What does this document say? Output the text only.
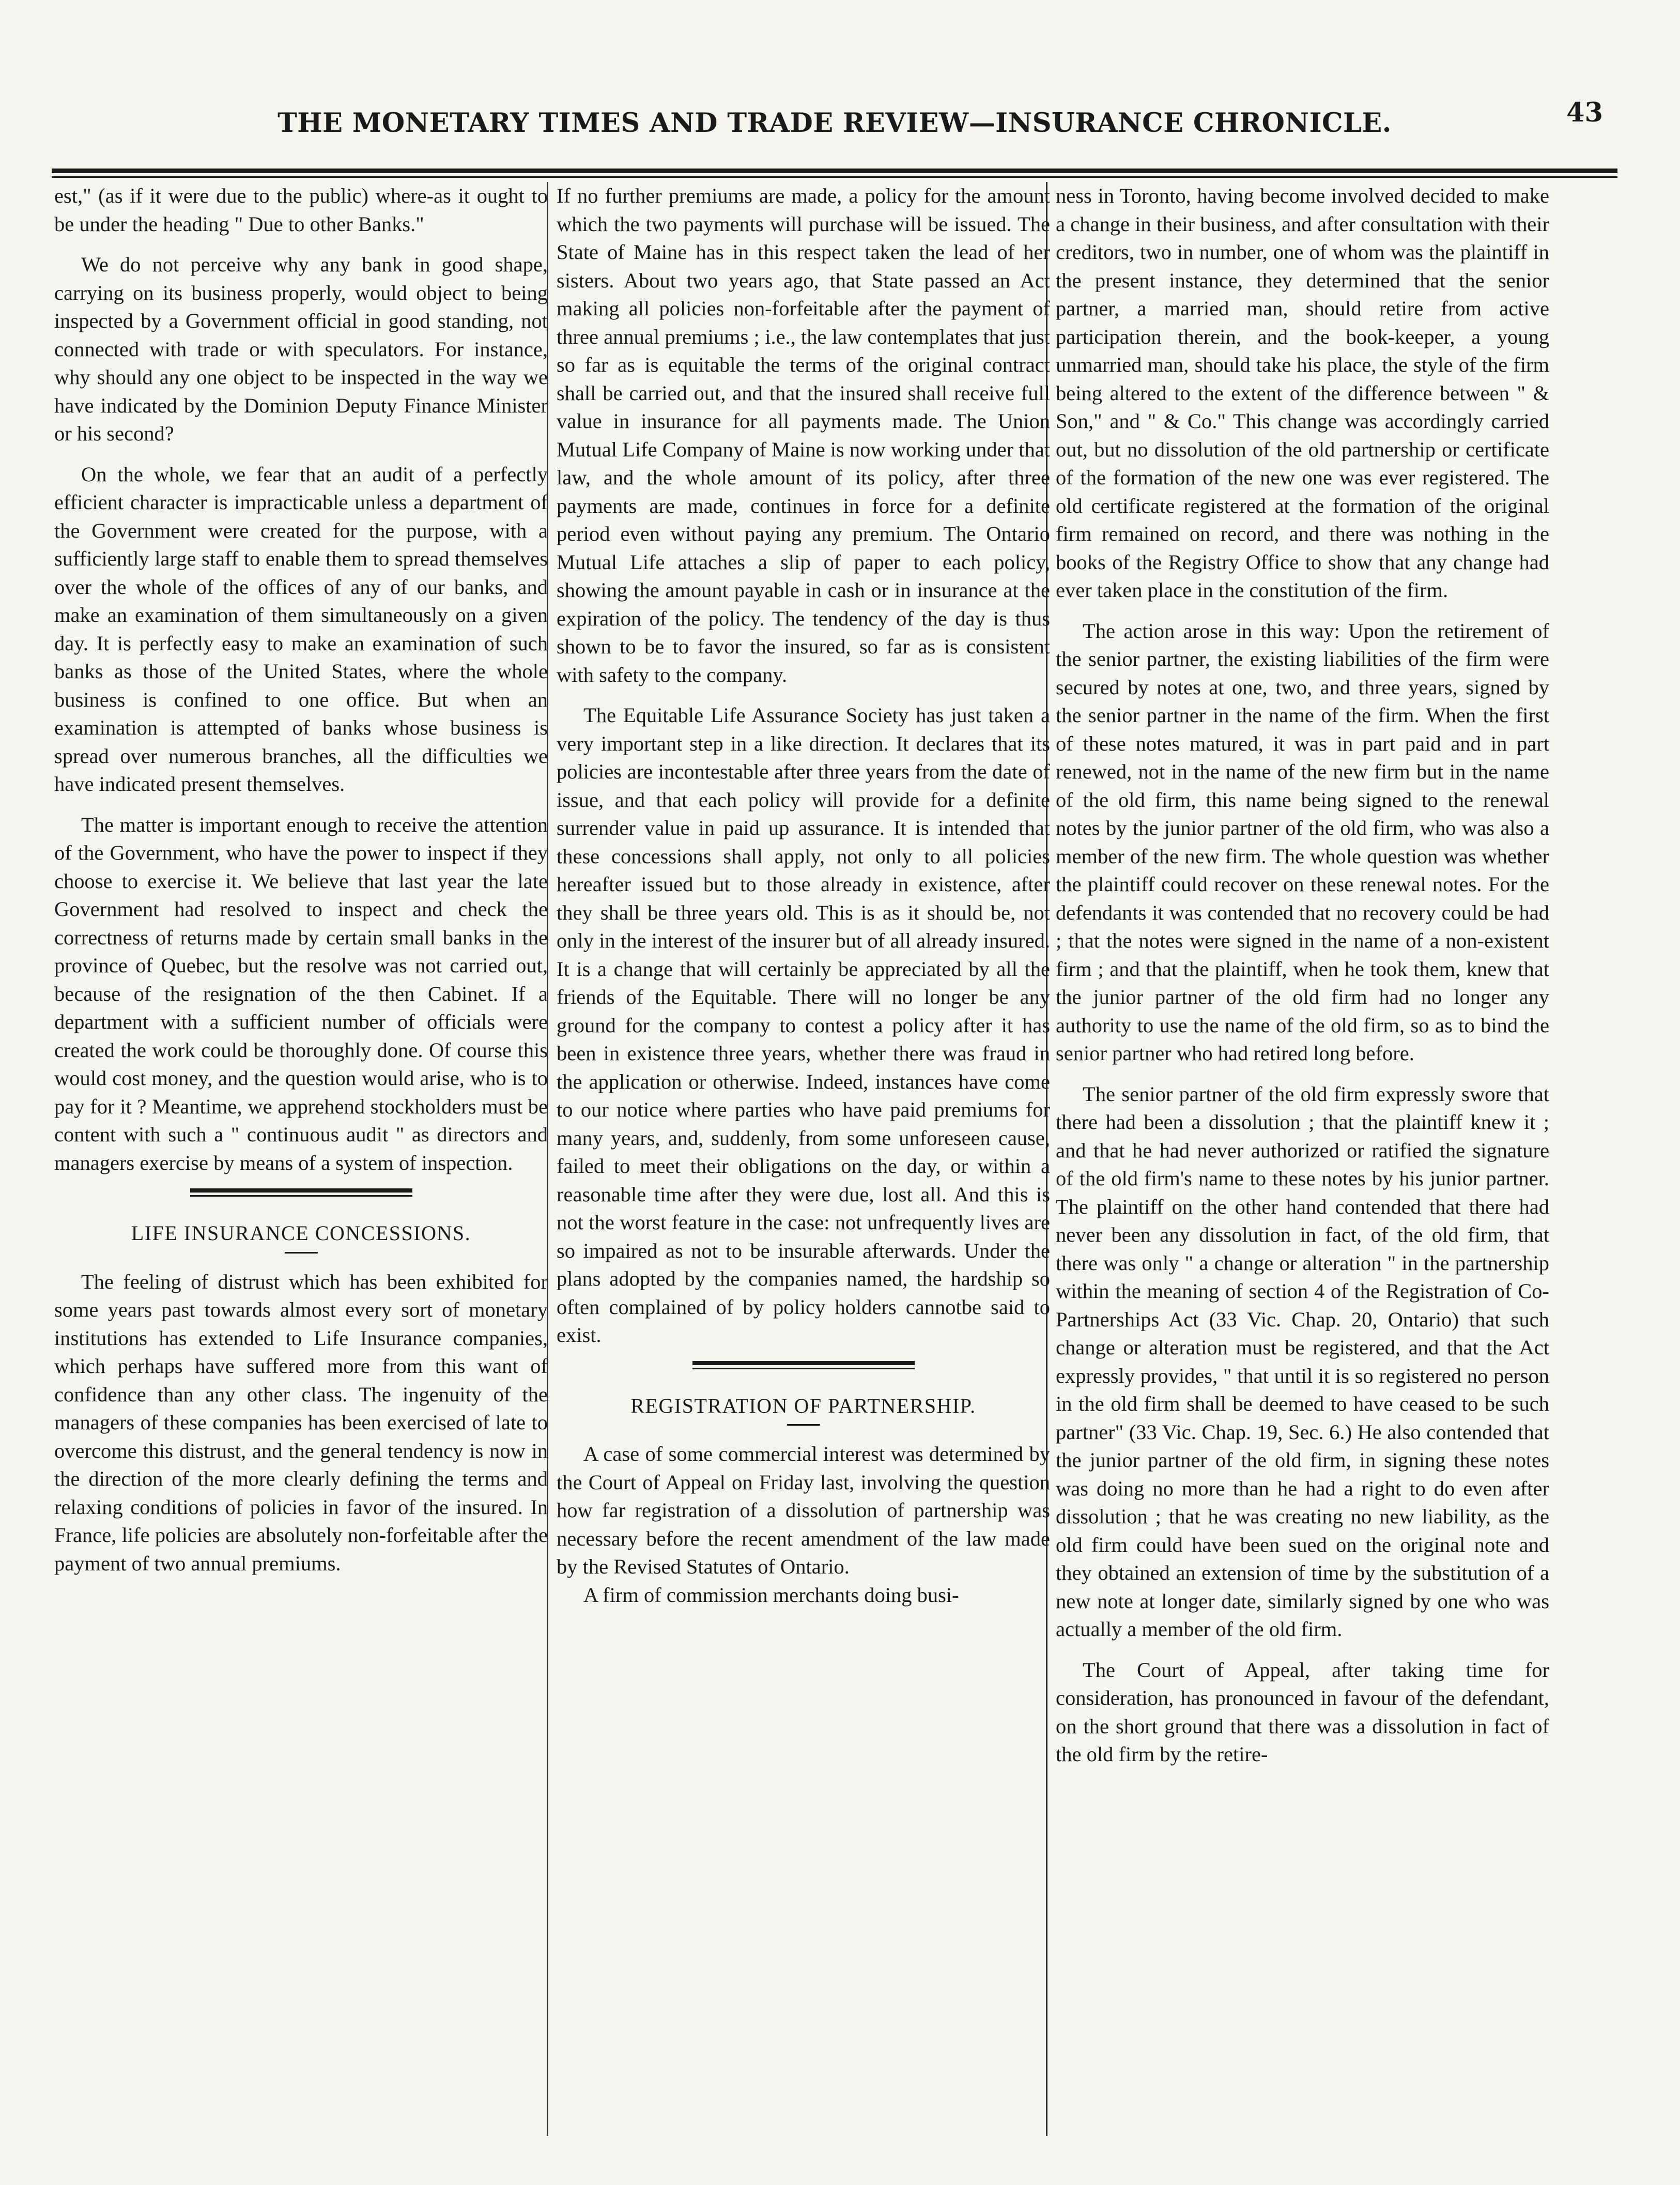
THE MONETARY TIMES AND TRADE REVIEW—INSURANCE CHRONICLE.	43

est," (as if it were due to the public) where-as it ought to be under the heading " Due to other Banks."

We do not perceive why any bank in good shape, carrying on its business properly, would object to being inspected by a Government official in good standing, not connected with trade or with speculators. For instance, why should any one object to be inspected in the way we have indicated by the Dominion Deputy Finance Minister or his second?

On the whole, we fear that an audit of a perfectly efficient character is impracticable unless a department of the Government were created for the purpose, with a sufficiently large staff to enable them to spread themselves over the whole of the offices of any of our banks, and make an examination of them simultaneously on a given day. It is perfectly easy to make an examination of such banks as those of the United States, where the whole business is confined to one office. But when an examination is attempted of banks whose business is spread over numerous branches, all the difficulties we have indicated present themselves.

The matter is important enough to receive the attention of the Government, who have the power to inspect if they choose to exercise it. We believe that last year the late Government had resolved to inspect and check the correctness of returns made by certain small banks in the province of Quebec, but the resolve was not carried out, because of the resignation of the then Cabinet. If a department with a sufficient number of officials were created the work could be thoroughly done. Of course this would cost money, and the question would arise, who is to pay for it ? Meantime, we apprehend stockholders must be content with such a " continuous audit " as directors and managers exercise by means of a system of inspection.

LIFE INSURANCE CONCESSIONS.

The feeling of distrust which has been exhibited for some years past towards almost every sort of monetary institutions has extended to Life Insurance companies, which perhaps have suffered more from this want of confidence than any other class. The ingenuity of the managers of these companies has been exercised of late to overcome this distrust, and the general tendency is now in the direction of the more clearly defining the terms and relaxing conditions of policies in favor of the insured. In France, life policies are absolutely non-forfeitable after the payment of two annual premiums.

If no further premiums are made, a policy for the amount which the two payments will purchase will be issued. The State of Maine has in this respect taken the lead of her sisters. About two years ago, that State passed an Act making all policies non-forfeitable after the payment of three annual premiums ; i.e., the law contemplates that just so far as is equitable the terms of the original contract shall be carried out, and that the insured shall receive full value in insurance for all payments made. The Union Mutual Life Company of Maine is now working under that law, and the whole amount of its policy, after three payments are made, continues in force for a definite period even without paying any premium. The Ontario Mutual Life attaches a slip of paper to each policy, showing the amount payable in cash or in insurance at the expiration of the policy. The tendency of the day is thus shown to be to favor the insured, so far as is consistent with safety to the company.

The Equitable Life Assurance Society has just taken a very important step in a like direction. It declares that its policies are incontestable after three years from the date of issue, and that each policy will provide for a definite surrender value in paid up assurance. It is intended that these concessions shall apply, not only to all policies hereafter issued but to those already in existence, after they shall be three years old. This is as it should be, not only in the interest of the insurer but of all already insured. It is a change that will certainly be appreciated by all the friends of the Equitable. There will no longer be any ground for the company to contest a policy after it has been in existence three years, whether there was fraud in the application or otherwise. Indeed, instances have come to our notice where parties who have paid premiums for many years, and, suddenly, from some unforeseen cause, failed to meet their obligations on the day, or within a reasonable time after they were due, lost all. And this is not the worst feature in the case: not unfrequently lives are so impaired as not to be insurable afterwards. Under the plans adopted by the companies named, the hardship so often complained of by policy holders cannotbe said to exist.

REGISTRATION OF PARTNERSHIP.

A case of some commercial interest was determined by the Court of Appeal on Friday last, involving the question how far registration of a dissolution of partnership was necessary before the recent amendment of the law made by the Revised Statutes of Ontario.

A firm of commission merchants doing busi-

ness in Toronto, having become involved decided to make a change in their business, and after consultation with their creditors, two in number, one of whom was the plaintiff in the present instance, they determined that the senior partner, a married man, should retire from active participation therein, and the book-keeper, a young unmarried man, should take his place, the style of the firm being altered to the extent of the difference between " & Son," and " & Co." This change was accordingly carried out, but no dissolution of the old partnership or certificate of the formation of the new one was ever registered. The old certificate registered at the formation of the original firm remained on record, and there was nothing in the books of the Registry Office to show that any change had ever taken place in the constitution of the firm.

The action arose in this way: Upon the retirement of the senior partner, the existing liabilities of the firm were secured by notes at one, two, and three years, signed by the senior partner in the name of the firm. When the first of these notes matured, it was in part paid and in part renewed, not in the name of the new firm but in the name of the old firm, this name being signed to the renewal notes by the junior partner of the old firm, who was also a member of the new firm. The whole question was whether the plaintiff could recover on these renewal notes. For the defendants it was contended that no recovery could be had ; that the notes were signed in the name of a non-existent firm ; and that the plaintiff, when he took them, knew that the junior partner of the old firm had no longer any authority to use the name of the old firm, so as to bind the senior partner who had retired long before.

The senior partner of the old firm expressly swore that there had been a dissolution ; that the plaintiff knew it ; and that he had never authorized or ratified the signature of the old firm's name to these notes by his junior partner. The plaintiff on the other hand contended that there had never been any dissolution in fact, of the old firm, that there was only " a change or alteration " in the partnership within the meaning of section 4 of the Registration of Co-Partnerships Act (33 Vic. Chap. 20, Ontario) that such change or alteration must be registered, and that the Act expressly provides, " that until it is so registered no person in the old firm shall be deemed to have ceased to be such partner" (33 Vic. Chap. 19, Sec. 6.) He also contended that the junior partner of the old firm, in signing these notes was doing no more than he had a right to do even after dissolution ; that he was creating no new liability, as the old firm could have been sued on the original note and they obtained an extension of time by the substitution of a new note at longer date, similarly signed by one who was actually a member of the old firm.

The Court of Appeal, after taking time for consideration, has pronounced in favour of the defendant, on the short ground that there was a dissolution in fact of the old firm by the retire-
